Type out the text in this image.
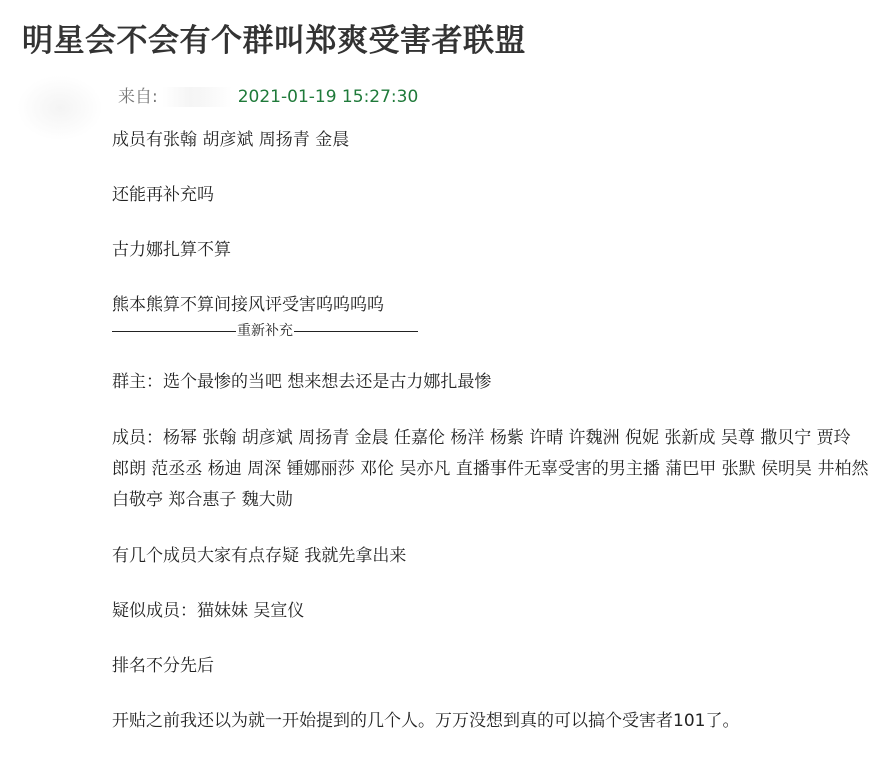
明星会不会有个群叫郑爽受害者联盟
来自:	2021-01-19 15:27:30

成员有张翰 胡彦斌 周扬青 金晨

还能再补充吗

古力娜扎算不算

熊本熊算不算间接风评受害呜呜呜呜

重新补充

群主：选个最惨的当吧 想来想去还是古力娜扎最惨

成员：杨幂 张翰 胡彦斌 周扬青 金晨 任嘉伦 杨洋 杨紫 许晴 许魏洲 倪妮 张新成 吴尊 撒贝宁 贾玲 郎朗 范丞丞 杨迪 周深 锺娜丽莎 邓伦 吴亦凡 直播事件无辜受害的男主播 蒲巴甲 张默 侯明昊 井柏然 白敬亭 郑合惠子 魏大勋

有几个成员大家有点存疑 我就先拿出来

疑似成员：猫妹妹 吴宣仪

排名不分先后

开贴之前我还以为就一开始提到的几个人。万万没想到真的可以搞个受害者101了。
